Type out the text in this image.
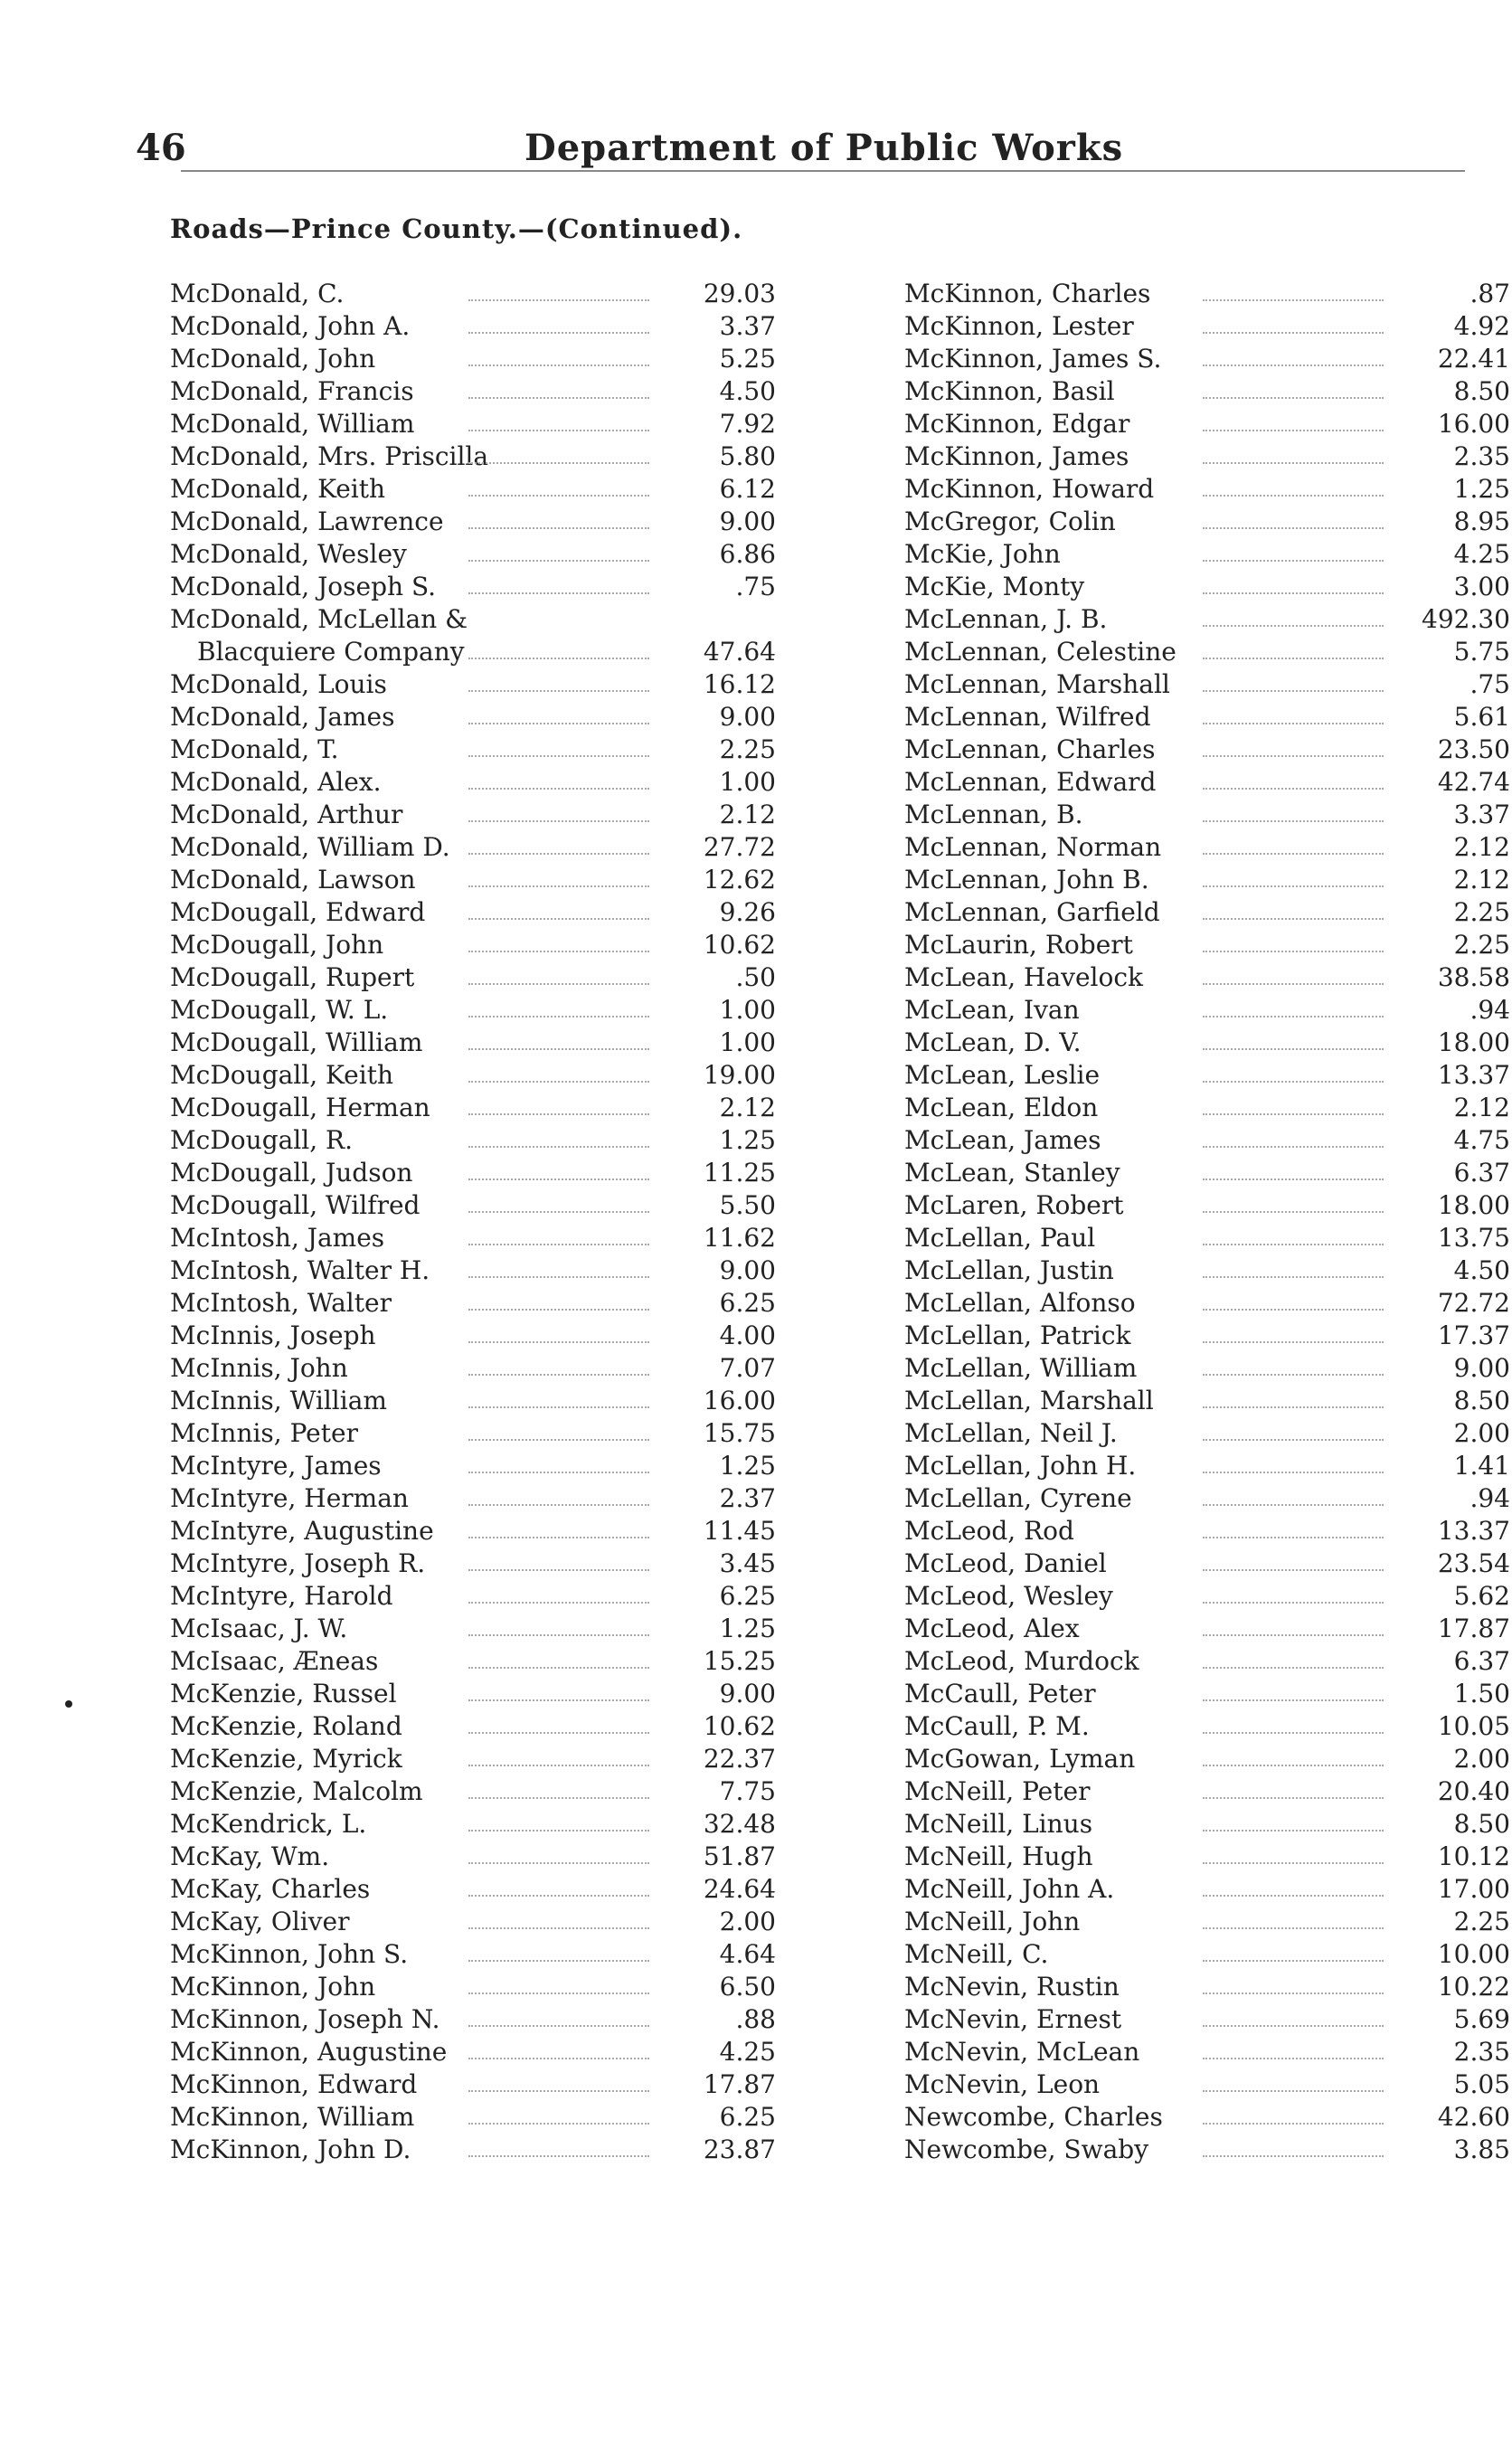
46	Department of Public Works
Roads—Prince County.—(Continued).
McDonald, C.	29.03
McDonald, John A.	3.37
McDonald, John	5.25
McDonald, Francis	4.50
McDonald, William	7.92
McDonald, Mrs. Priscilla	5.80
McDonald, Keith	6.12
McDonald, Lawrence	9.00
McDonald, Wesley	6.86
McDonald, Joseph S.	.75
McDonald, McLellan &
Blacquiere Company	47.64
McDonald, Louis	16.12
McDonald, James	9.00
McDonald, T.	2.25
McDonald, Alex.	1.00
McDonald, Arthur	2.12
McDonald, William D.	27.72
McDonald, Lawson	12.62
McDougall, Edward	9.26
McDougall, John	10.62
McDougall, Rupert	.50
McDougall, W. L.	1.00
McDougall, William	1.00
McDougall, Keith	19.00
McDougall, Herman	2.12
McDougall, R.	1.25
McDougall, Judson	11.25
McDougall, Wilfred	5.50
McIntosh, James	11.62
McIntosh, Walter H.	9.00
McIntosh, Walter	6.25
McInnis, Joseph	4.00
McInnis, John	7.07
McInnis, William	16.00
McInnis, Peter	15.75
McIntyre, James	1.25
McIntyre, Herman	2.37
McIntyre, Augustine	11.45
McIntyre, Joseph R.	3.45
McIntyre, Harold	6.25
McIsaac, J. W.	1.25
McIsaac, Æneas	15.25
McKenzie, Russel	9.00
McKenzie, Roland	10.62
McKenzie, Myrick	22.37
McKenzie, Malcolm	7.75
McKendrick, L.	32.48
McKay, Wm.	51.87
McKay, Charles	24.64
McKay, Oliver	2.00
McKinnon, John S.	4.64
McKinnon, John	6.50
McKinnon, Joseph N.	.88
McKinnon, Augustine	4.25
McKinnon, Edward	17.87
McKinnon, William	6.25
McKinnon, John D.	23.87
McKinnon, Charles	.87
McKinnon, Lester	4.92
McKinnon, James S.	22.41
McKinnon, Basil	8.50
McKinnon, Edgar	16.00
McKinnon, James	2.35
McKinnon, Howard	1.25
McGregor, Colin	8.95
McKie, John	4.25
McKie, Monty	3.00
McLennan, J. B.	492.30
McLennan, Celestine	5.75
McLennan, Marshall	.75
McLennan, Wilfred	5.61
McLennan, Charles	23.50
McLennan, Edward	42.74
McLennan, B.	3.37
McLennan, Norman	2.12
McLennan, John B.	2.12
McLennan, Garfield	2.25
McLaurin, Robert	2.25
McLean, Havelock	38.58
McLean, Ivan	.94
McLean, D. V.	18.00
McLean, Leslie	13.37
McLean, Eldon	2.12
McLean, James	4.75
McLean, Stanley	6.37
McLaren, Robert	18.00
McLellan, Paul	13.75
McLellan, Justin	4.50
McLellan, Alfonso	72.72
McLellan, Patrick	17.37
McLellan, William	9.00
McLellan, Marshall	8.50
McLellan, Neil J.	2.00
McLellan, John H.	1.41
McLellan, Cyrene	.94
McLeod, Rod	13.37
McLeod, Daniel	23.54
McLeod, Wesley	5.62
McLeod, Alex	17.87
McLeod, Murdock	6.37
McCaull, Peter	1.50
McCaull, P. M.	10.05
McGowan, Lyman	2.00
McNeill, Peter	20.40
McNeill, Linus	8.50
McNeill, Hugh	10.12
McNeill, John A.	17.00
McNeill, John	2.25
McNeill, C.	10.00
McNevin, Rustin	10.22
McNevin, Ernest	5.69
McNevin, McLean	2.35
McNevin, Leon	5.05
Newcombe, Charles	42.60
Newcombe, Swaby	3.85
